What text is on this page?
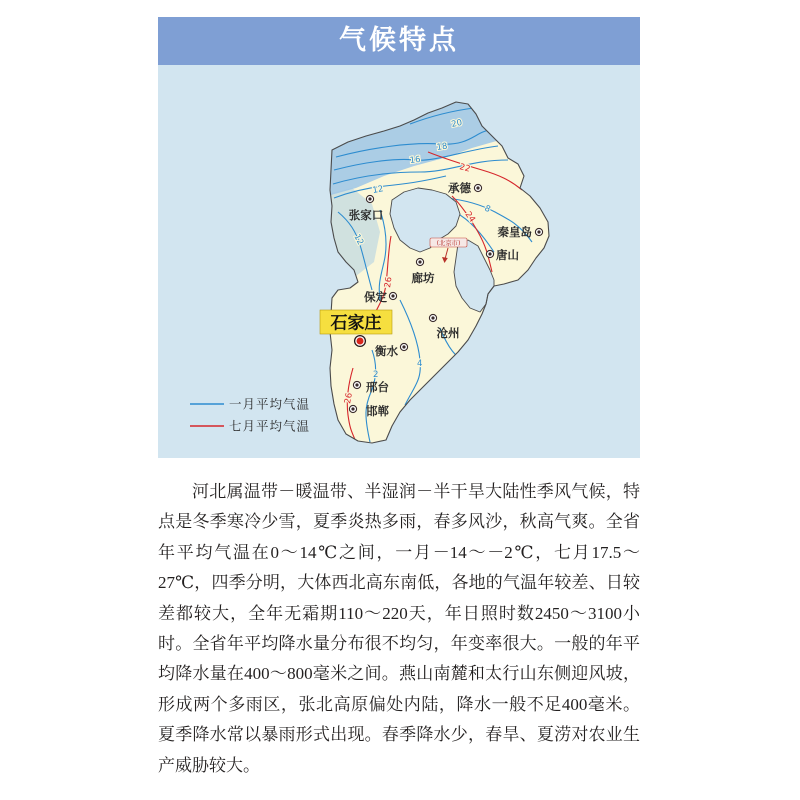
气候特点
20
18
16
12
12
8
4
2
22
24
26
26
(北京市)
承德
张家口
秦皇岛
唐山
廊坊
保定
沧州
衡水
邢台
邯郸
石家庄
一月平均气温
七月平均气温
河北属温带－暖温带、半湿润－半干旱大陆性季风气候，特
点是冬季寒冷少雪，夏季炎热多雨，春多风沙，秋高气爽。全省
年平均气温在0～14℃之间，一月－14～－2℃，七月17.5～
27℃，四季分明，大体西北高东南低，各地的气温年较差、日较
差都较大，全年无霜期110～220天，年日照时数2450～3100小
时。全省年平均降水量分布很不均匀，年变率很大。一般的年平
均降水量在400～800毫米之间。燕山南麓和太行山东侧迎风坡，
形成两个多雨区，张北高原偏处内陆，降水一般不足400毫米。
夏季降水常以暴雨形式出现。春季降水少，春旱、夏涝对农业生
产威胁较大。
